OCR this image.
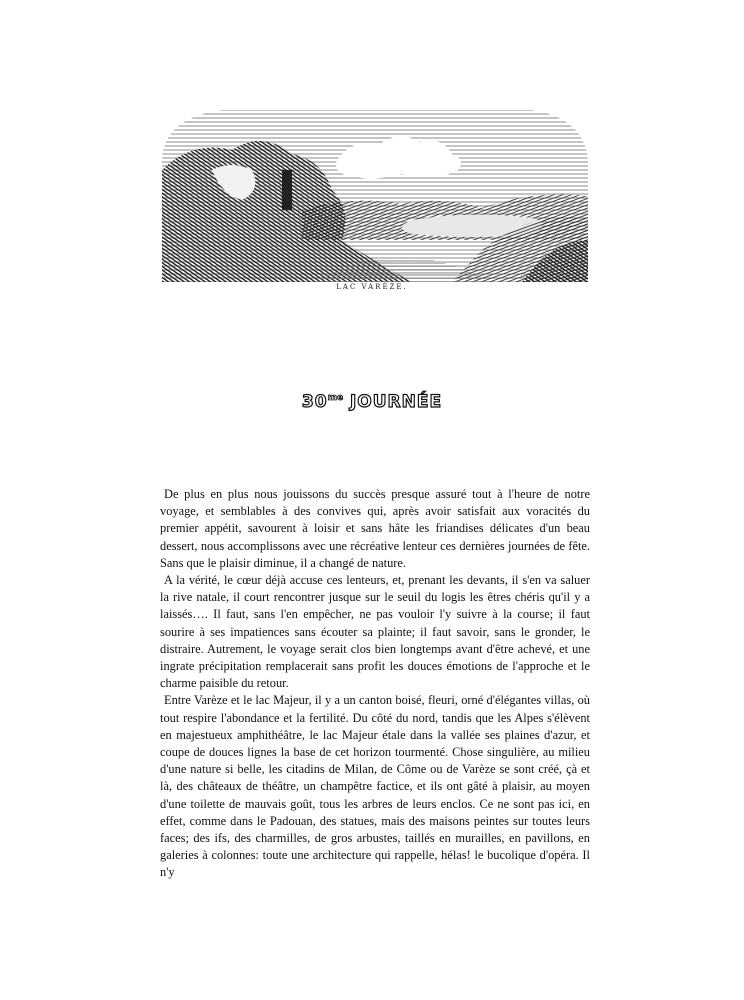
LAC VARÈZE.
$30^{me}$ JOURNÉE

De plus en plus nous jouissons du succès presque assuré tout à l'heure de notre voyage, et semblables à des convives qui, après avoir satisfait aux voracités du premier appétit, savourent à loisir et sans hâte les friandises délicates d'un beau dessert, nous accomplissons avec une récréative lenteur ces dernières journées de fête. Sans que le plaisir diminue, il a changé de nature.

A la vérité, le cœur déjà accuse ces lenteurs, et, prenant les devants, il s'en va saluer la rive natale, il court rencontrer jusque sur le seuil du logis les êtres chéris qu'il y a laissés…. Il faut, sans l'en empêcher, ne pas vouloir l'y suivre à la course; il faut sourire à ses impatiences sans écouter sa plainte; il faut savoir, sans le gronder, le distraire. Autrement, le voyage serait clos bien longtemps avant d'être achevé, et une ingrate précipitation remplacerait sans profit les douces émotions de l'approche et le charme paisible du retour.

Entre Varèze et le lac Majeur, il y a un canton boisé, fleuri, orné d'élégantes villas, où tout respire l'abondance et la fertilité. Du côté du nord, tandis que les Alpes s'élèvent en majestueux amphithéâtre, le lac Majeur étale dans la vallée ses plaines d'azur, et coupe de douces lignes la base de cet horizon tourmenté. Chose singulière, au milieu d'une nature si belle, les citadins de Milan, de Côme ou de Varèze se sont créé, çà et là, des châteaux de théâtre, un champêtre factice, et ils ont gâté à plaisir, au moyen d'une toilette de mauvais goût, tous les arbres de leurs enclos. Ce ne sont pas ici, en effet, comme dans le Padouan, des statues, mais des maisons peintes sur toutes leurs faces; des ifs, des charmilles, de gros arbustes, taillés en murailles, en pavillons, en galeries à colonnes: toute une architecture qui rappelle, hélas! le bucolique d'opéra. Il n'y
